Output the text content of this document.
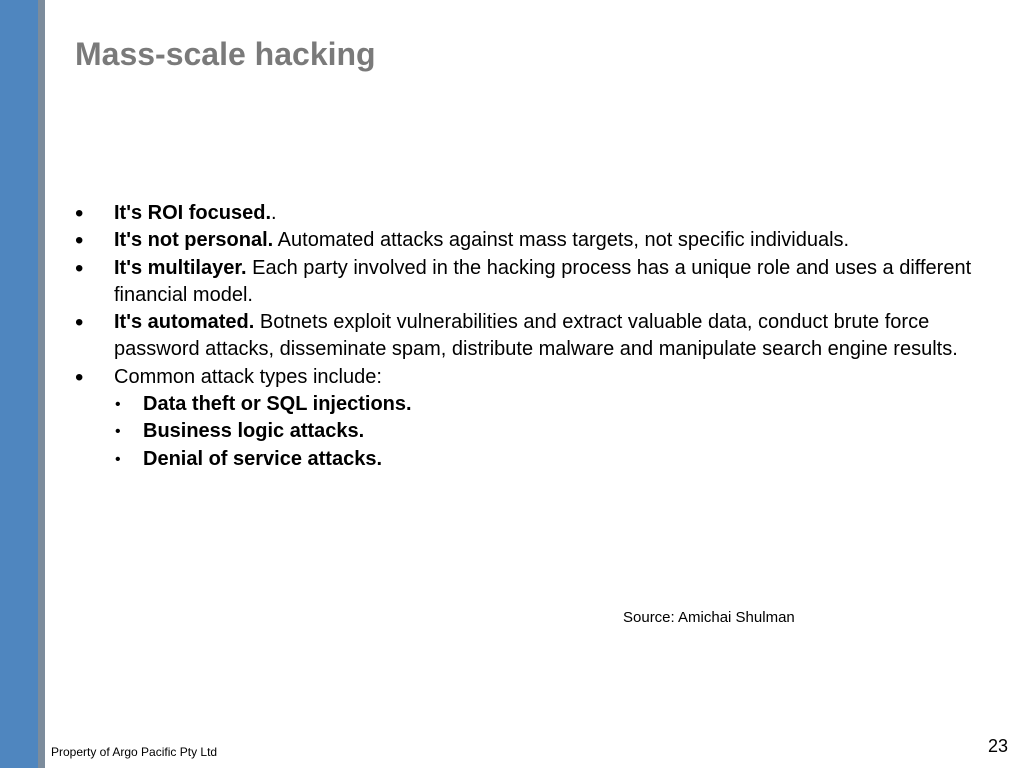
Mass-scale hacking
• It's ROI focused..
• It's not personal. Automated attacks against mass targets, not specific individuals.
• It's multilayer. Each party involved in the hacking process has a unique role and uses a different financial model.
• It's automated. Botnets exploit vulnerabilities and extract valuable data, conduct brute force password attacks, disseminate spam, distribute malware and manipulate search engine results.
• Common attack types include:
• Data theft or SQL injections.
• Business logic attacks.
• Denial of service attacks.
Source: Amichai Shulman
Property of Argo Pacific Pty Ltd	23
